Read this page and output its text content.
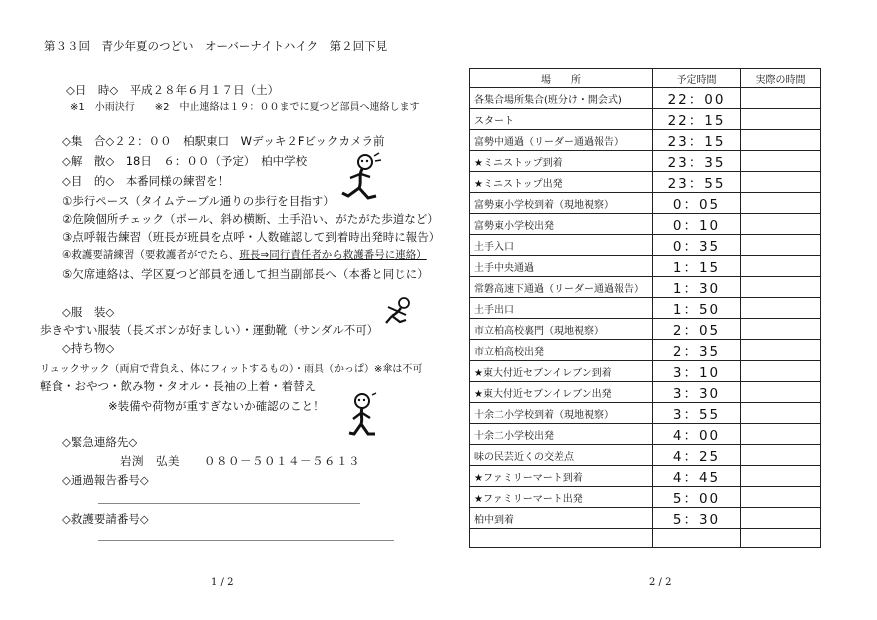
第３３回　青少年夏のつどい　オーバーナイトハイク　第２回下見
◇日　時◇　平成２８年６月１７日（土）
※1　小雨決行　　※2　中止連絡は１９：００までに夏つど部員へ連絡します
◇集　合◇２２：００　柏駅東口　Wデッキ２Fビックカメラ前
◇解　散◇　18日　６：００（予定）　柏中学校
◇目　的◇　本番同様の練習を！
①歩行ペース（タイムテーブル通りの歩行を目指す）
②危険個所チェック（ポール、斜め横断、土手沿い、がたがた歩道など）
③点呼報告練習（班長が班員を点呼・人数確認して到着時出発時に報告）
④救護要請練習（要救護者がでたら、班長⇒同行責任者から救護番号に連絡）
⑤欠席連絡は、学区夏つど部員を通して担当副部長へ（本番と同じに）
◇服　装◇
歩きやすい服装（長ズボンが好ましい）・運動靴（サンダル不可）
◇持ち物◇
リュックサック（両肩で背負え、体にフィットするもの）・雨具（かっぱ）※傘は不可
軽食・おやつ・飲み物・タオル・長袖の上着・着替え
※装備や荷物が重すぎないか確認のこと！
◇緊急連絡先◇
岩渕　弘美　　０８０－５０１４－５６１３
◇通過報告番号◇
◇救護要請番号◇
1 / 2
場　　所	予定時間	実際の時間
各集合場所集合(班分け・開会式)	22：00	
スタート	22：15	
富勢中通過（リーダー通過報告）	23：15	
★ミニストップ到着	23：35	
★ミニストップ出発	23：55	
富勢東小学校到着（現地視察）	0：05	
富勢東小学校出発	0：10	
土手入口	0：35	
土手中央通過	1：15	
常磐高速下通過（リーダー通過報告）	1：30	
土手出口	1：50	
市立柏高校裏門（現地視察）	2：05	
市立柏高校出発	2：35	
★東大付近セブンイレブン到着	3：10	
★東大付近セブンイレブン出発	3：30	
十余二小学校到着（現地視察）	3：55	
十余二小学校出発	4：00	
味の民芸近くの交差点	4：25	
★ファミリーマート到着	4：45	
★ファミリーマート出発	5：00	
柏中到着	5：30	

2 / 2
